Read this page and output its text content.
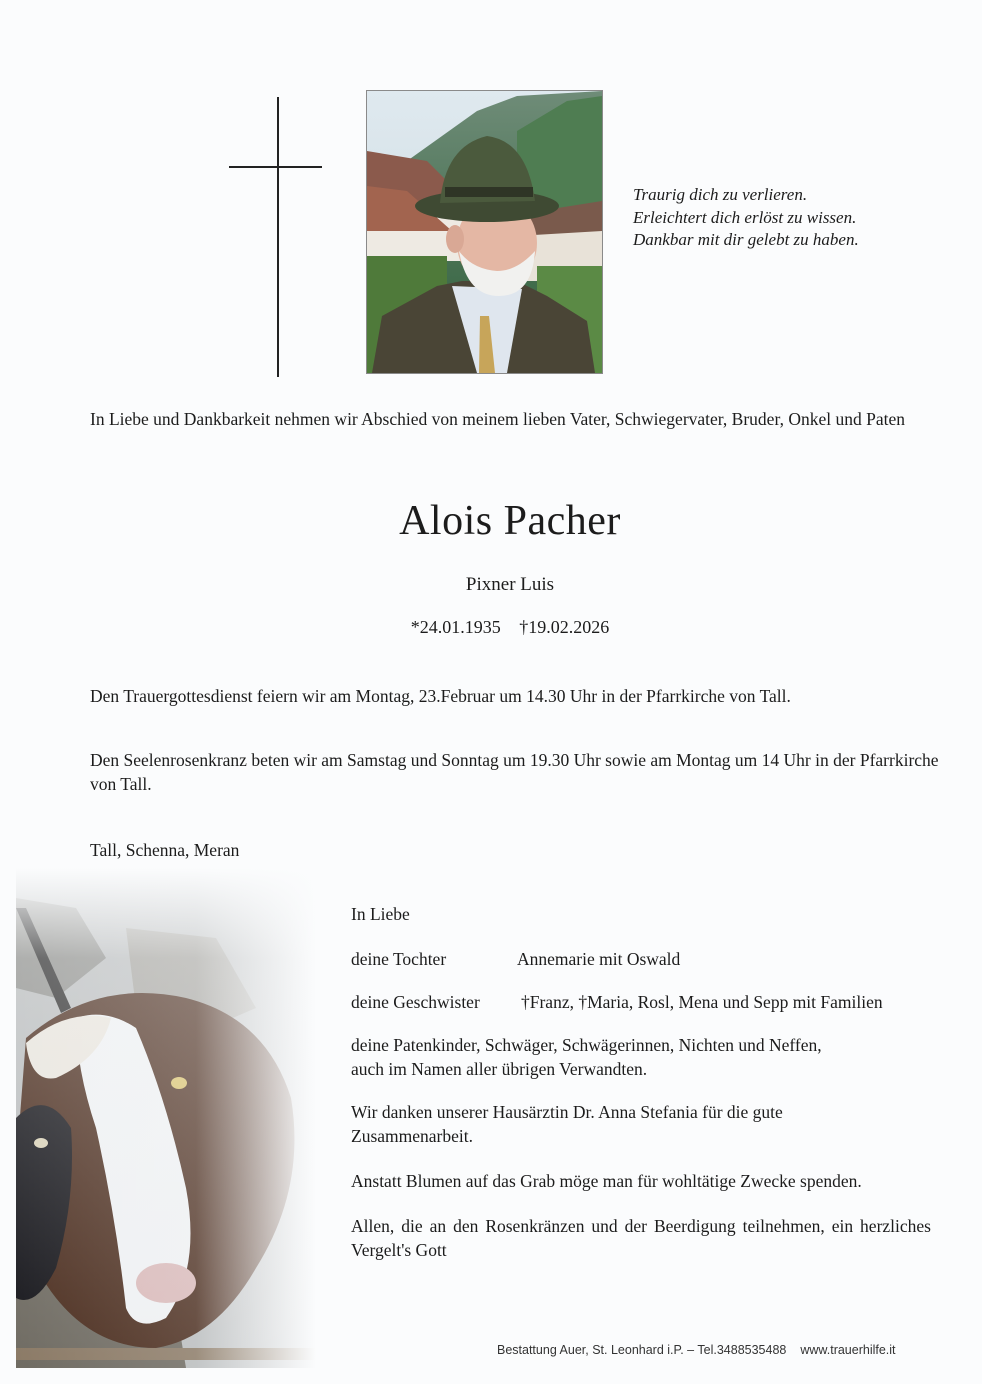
Traurig dich zu verlieren.
Erleichtert dich erlöst zu wissen.
Dankbar mit dir gelebt zu haben.
In Liebe und Dankbarkeit nehmen wir Abschied von meinem lieben Vater, Schwiegervater, Bruder, Onkel und Paten
Alois Pacher
Pixner Luis
*24.01.1935 †19.02.2026
Den Trauergottesdienst feiern wir am Montag, 23.Februar um 14.30 Uhr in der Pfarrkirche von Tall.
Den Seelenrosenkranz beten wir am Samstag und Sonntag um 19.30 Uhr sowie am Montag um 14 Uhr in der Pfarrkirche von Tall.
Tall, Schenna, Meran
In Liebe
deine Tochter	Annemarie mit Oswald
deine Geschwister †Franz, †Maria, Rosl, Mena und Sepp mit Familien
deine Patenkinder, Schwäger, Schwägerinnen, Nichten und Neffen,
auch im Namen aller übrigen Verwandten.
Wir danken unserer Hausärztin Dr. Anna Stefania für die gute Zusammenarbeit.
Anstatt Blumen auf das Grab möge man für wohltätige Zwecke spenden.
Allen, die an den Rosenkränzen und der Beerdigung teilnehmen, ein herzliches Vergelt's Gott
Bestattung Auer, St. Leonhard i.P. – Tel.3488535488 www.trauerhilfe.it
